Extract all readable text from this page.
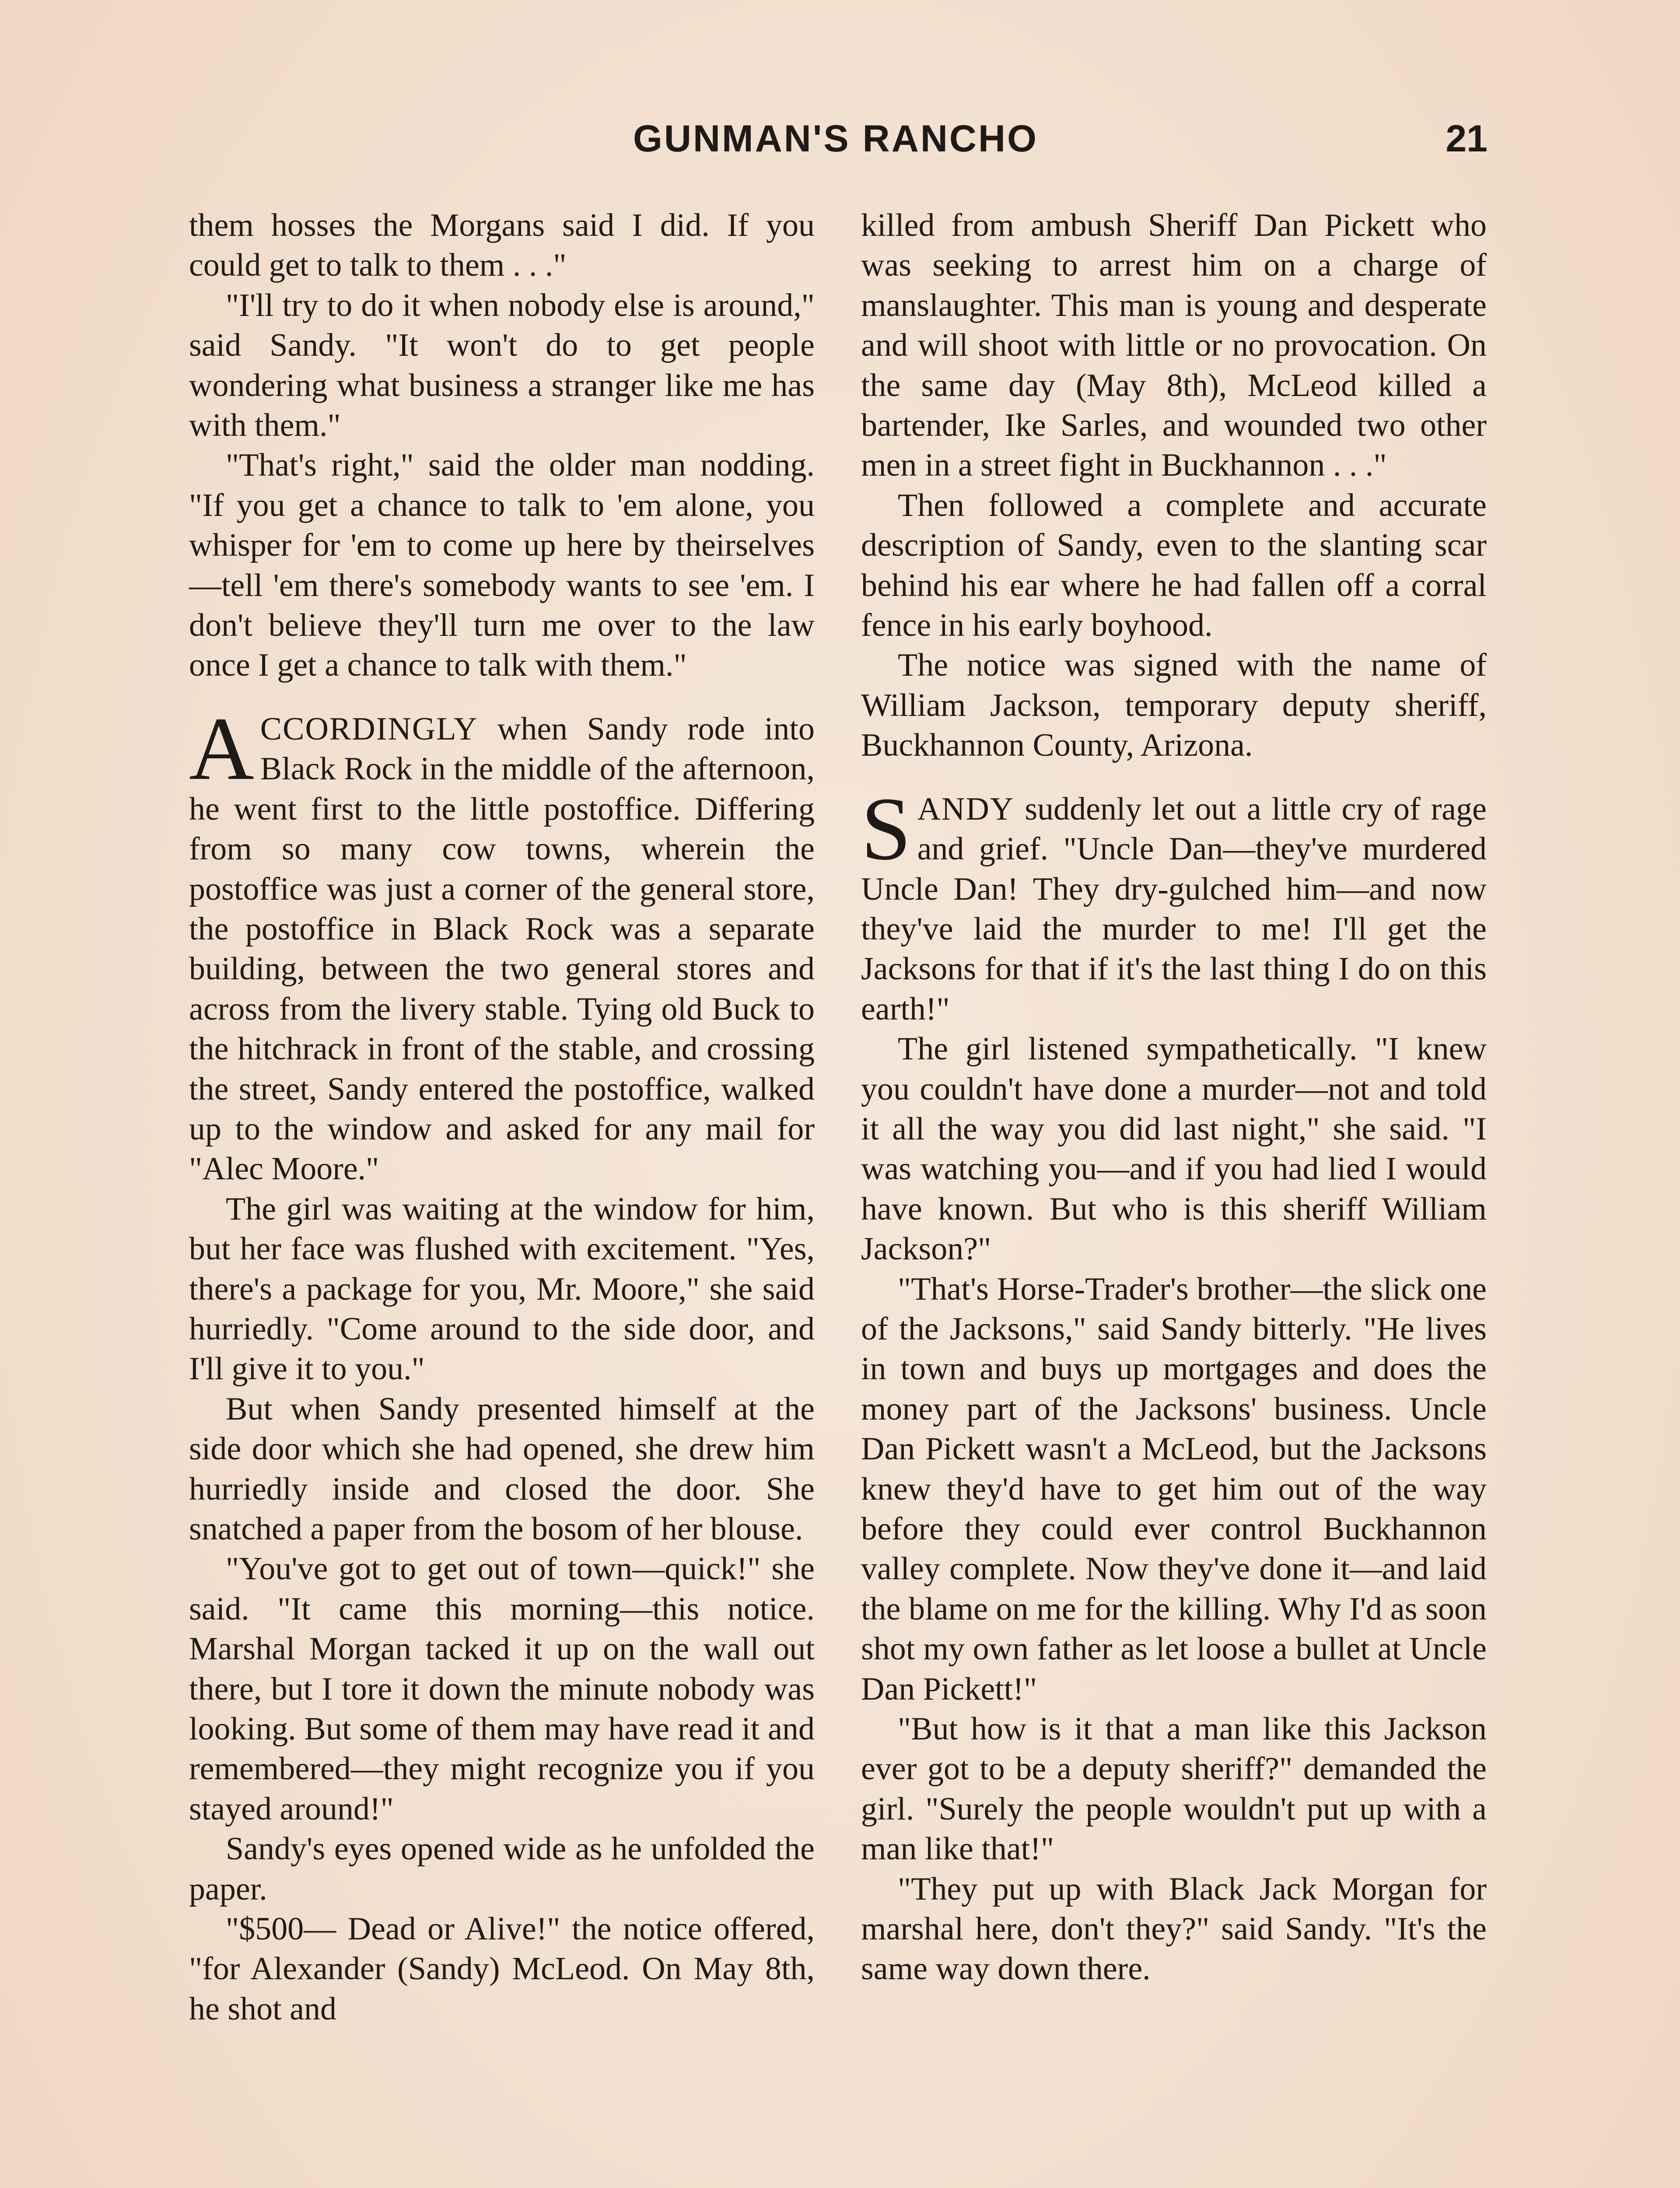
GUNMAN'S RANCHO	21

them hosses the Morgans said I did. If you could get to talk to them . . ."

"I'll try to do it when nobody else is around," said Sandy. "It won't do to get people wondering what business a stranger like me has with them."

"That's right," said the older man nodding. "If you get a chance to talk to 'em alone, you whisper for 'em to come up here by theirselves—tell 'em there's somebody wants to see 'em. I don't believe they'll turn me over to the law once I get a chance to talk with them."

ACCORDINGLY when Sandy rode into Black Rock in the middle of the afternoon, he went first to the little postoffice. Differing from so many cow towns, wherein the postoffice was just a corner of the general store, the postoffice in Black Rock was a separate building, between the two general stores and across from the livery stable. Tying old Buck to the hitchrack in front of the stable, and crossing the street, Sandy entered the postoffice, walked up to the window and asked for any mail for "Alec Moore."

The girl was waiting at the window for him, but her face was flushed with excitement. "Yes, there's a package for you, Mr. Moore," she said hurriedly. "Come around to the side door, and I'll give it to you."

But when Sandy presented himself at the side door which she had opened, she drew him hurriedly inside and closed the door. She snatched a paper from the bosom of her blouse.

"You've got to get out of town—quick!" she said. "It came this morning—this notice. Marshal Morgan tacked it up on the wall out there, but I tore it down the minute nobody was looking. But some of them may have read it and remembered—they might recognize you if you stayed around!"

Sandy's eyes opened wide as he unfolded the paper.

"$500— Dead or Alive!" the notice offered, "for Alexander (Sandy) McLeod. On May 8th, he shot and

killed from ambush Sheriff Dan Pickett who was seeking to arrest him on a charge of manslaughter. This man is young and desperate and will shoot with little or no provocation. On the same day (May 8th), McLeod killed a bartender, Ike Sarles, and wounded two other men in a street fight in Buckhannon . . ."

Then followed a complete and accurate description of Sandy, even to the slanting scar behind his ear where he had fallen off a corral fence in his early boyhood.

The notice was signed with the name of William Jackson, temporary deputy sheriff, Buckhannon County, Arizona.

SANDY suddenly let out a little cry of rage and grief. "Uncle Dan—they've murdered Uncle Dan! They dry-gulched him—and now they've laid the murder to me! I'll get the Jacksons for that if it's the last thing I do on this earth!"

The girl listened sympathetically. "I knew you couldn't have done a murder—not and told it all the way you did last night," she said. "I was watching you—and if you had lied I would have known. But who is this sheriff William Jackson?"

"That's Horse-Trader's brother—the slick one of the Jacksons," said Sandy bitterly. "He lives in town and buys up mortgages and does the money part of the Jacksons' business. Uncle Dan Pickett wasn't a McLeod, but the Jacksons knew they'd have to get him out of the way before they could ever control Buckhannon valley complete. Now they've done it—and laid the blame on me for the killing. Why I'd as soon shot my own father as let loose a bullet at Uncle Dan Pickett!"

"But how is it that a man like this Jackson ever got to be a deputy sheriff?" demanded the girl. "Surely the people wouldn't put up with a man like that!"

"They put up with Black Jack Morgan for marshal here, don't they?" said Sandy. "It's the same way down there.
